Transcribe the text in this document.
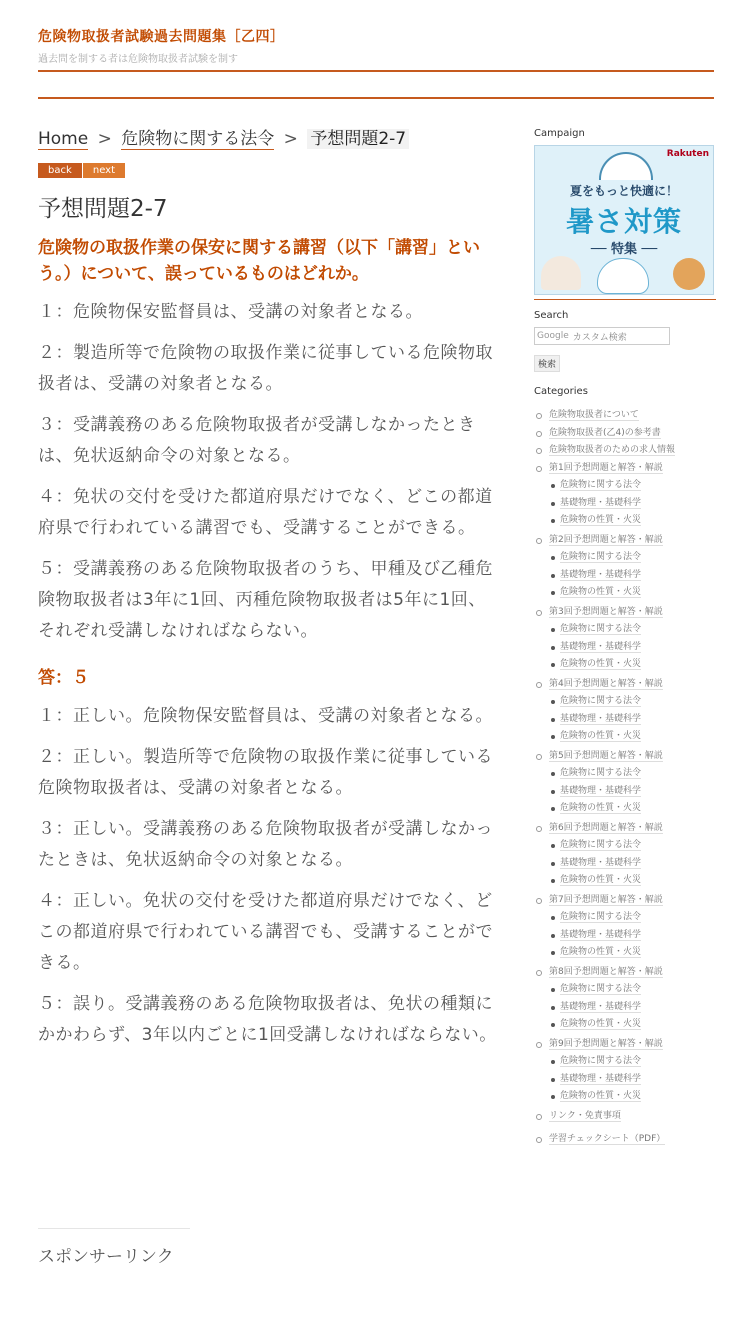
危険物取扱者試験過去問題集［乙四］
過去問を制する者は危険物取扱者試験を制す
Home > 危険物に関する法令 > 予想問題2-7
back next
予想問題2-7

危険物の取扱作業の保安に関する講習（以下「講習」という。）について、誤っているものはどれか。

１：危険物保安監督員は、受講の対象者となる。

２：製造所等で危険物の取扱作業に従事している危険物取扱者は、受講の対象者となる。

３：受講義務のある危険物取扱者が受講しなかったときは、免状返納命令の対象となる。

４：免状の交付を受けた都道府県だけでなく、どこの都道府県で行われている講習でも、受講することができる。

５：受講義務のある危険物取扱者のうち、甲種及び乙種危険物取扱者は3年に1回、丙種危険物取扱者は5年に1回、それぞれ受講しなければならない。

答：５

１：正しい。危険物保安監督員は、受講の対象者となる。

２：正しい。製造所等で危険物の取扱作業に従事している危険物取扱者は、受講の対象者となる。

３：正しい。受講義務のある危険物取扱者が受講しなかったときは、免状返納命令の対象となる。

４：正しい。免状の交付を受けた都道府県だけでなく、どこの都道府県で行われている講習でも、受講することができる。

５：誤り。受講義務のある危険物取扱者は、免状の種類にかかわらず、3年以内ごとに1回受講しなければならない。

スポンサーリンク
Campaign
Rakuten
夏をもっと快適に！
暑さ対策
── 特集 ──
Search
Google カスタム検索
検索
Categories
危険物取扱者について
危険物取扱者(乙4)の参考書
危険物取扱者のための求人情報
第1回予想問題と解答・解説
危険物に関する法令
基礎物理・基礎科学
危険物の性質・火災
第2回予想問題と解答・解説
危険物に関する法令
基礎物理・基礎科学
危険物の性質・火災
第3回予想問題と解答・解説
危険物に関する法令
基礎物理・基礎科学
危険物の性質・火災
第4回予想問題と解答・解説
危険物に関する法令
基礎物理・基礎科学
危険物の性質・火災
第5回予想問題と解答・解説
危険物に関する法令
基礎物理・基礎科学
危険物の性質・火災
第6回予想問題と解答・解説
危険物に関する法令
基礎物理・基礎科学
危険物の性質・火災
第7回予想問題と解答・解説
危険物に関する法令
基礎物理・基礎科学
危険物の性質・火災
第8回予想問題と解答・解説
危険物に関する法令
基礎物理・基礎科学
危険物の性質・火災
第9回予想問題と解答・解説
危険物に関する法令
基礎物理・基礎科学
危険物の性質・火災
リンク・免責事項
学習チェックシート（PDF）
